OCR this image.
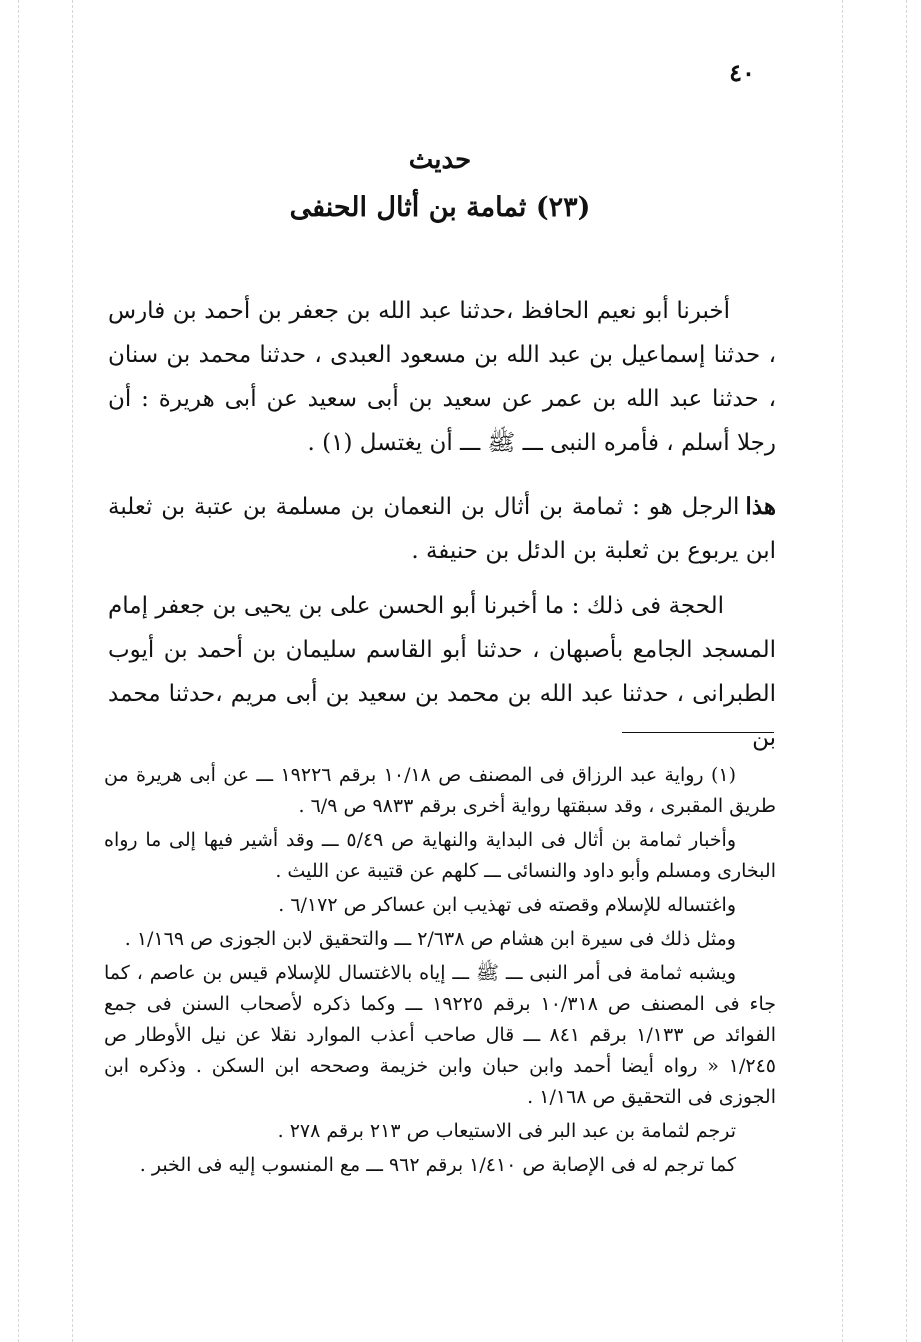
٤٠
حديث
(٢٣) ثمامة بن أثال الحنفى

أخبرنا أبو نعيم الحافظ ،حدثنا عبد الله بن جعفر بن أحمد بن فارس ، حدثنا إسماعيل بن عبد الله بن مسعود العبدى ، حدثنا محمد بن سنان ، حدثنا عبد الله بن عمر عن سعيد بن أبى سعيد عن أبى هريرة : أن رجلا أسلم ، فأمره النبى ـــ ﷺ ـــ أن يغتسل (١) .

هذاالرجل هو : ثمامة بن أثال بن النعمان بن مسلمة بن عتبة بن ثعلبة ابن يربوع بن ثعلبة بن الدئل بن حنيفة .

الحجة فى ذلك : ما أخبرنا أبو الحسن على بن يحيى بن جعفر إمام المسجد الجامع بأصبهان ، حدثنا أبو القاسم سليمان بن أحمد بن أيوب الطبرانى ، حدثنا عبد الله بن محمد بن سعيد بن أبى مريم ،حدثنا محمد بن

(١) رواية عبد الرزاق فى المصنف ص ١٠/١٨ برقم ١٩٢٢٦ ـــ عن أبى هريرة من طريق المقبرى ، وقد سبقتها رواية أخرى برقم ٩٨٣٣ ص ٦/٩ .

وأخبار ثمامة بن أثال فى البداية والنهاية ص ٥/٤٩ ـــ وقد أشير فيها إلى ما رواه البخارى ومسلم وأبو داود والنسائى ـــ كلهم عن قتيبة عن الليث .

واغتساله للإسلام وقصته فى تهذيب ابن عساكر ص ٦/١٧٢ .

ومثل ذلك فى سيرة ابن هشام ص ٢/٦٣٨ ـــ والتحقيق لابن الجوزى ص ١/١٦٩ .

ويشبه ثمامة فى أمر النبى ـــ ﷺ ـــ إياه بالاغتسال للإسلام قيس بن عاصم ، كما جاء فى المصنف ص ١٠/٣١٨ برقم ١٩٢٢٥ ـــ وكما ذكره لأصحاب السنن فى جمع الفوائد ص ١/١٣٣ برقم ٨٤١ ـــ قال صاحب أعذب الموارد نقلا عن نيل الأوطار ص ١/٢٤٥ « رواه أيضا أحمد وابن حبان وابن خزيمة وصححه ابن السكن . وذكره ابن الجوزى فى التحقيق ص ١/١٦٨ .

ترجم لثمامة بن عبد البر فى الاستيعاب ص ٢١٣ برقم ٢٧٨ .

كما ترجم له فى الإصابة ص ١/٤١٠ برقم ٩٦٢ ـــ مع المنسوب إليه فى الخبر .
